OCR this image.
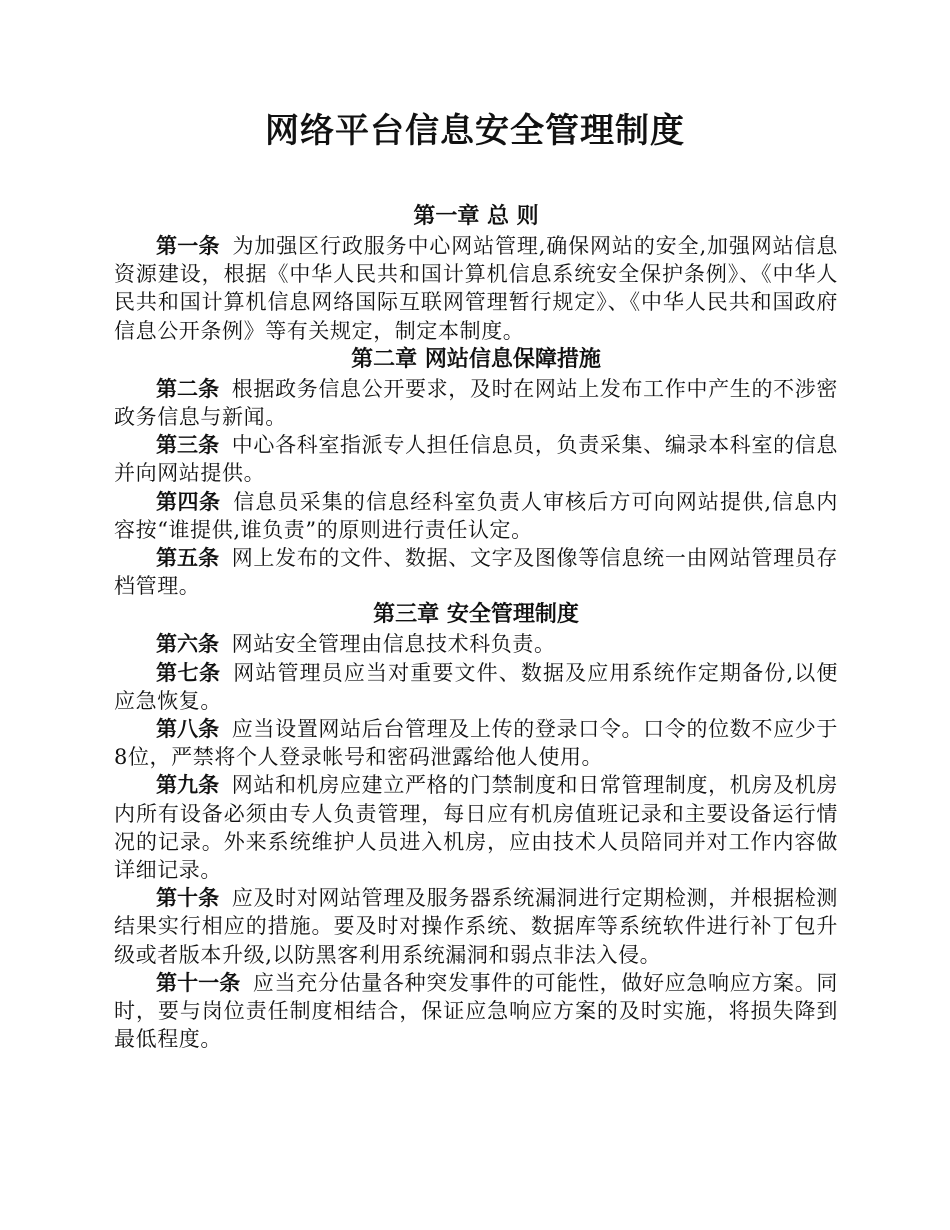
网络平台信息安全管理制度
第一章 总 则

第一条 为加强区行政服务中心网站管理,确保网站的安全,加强网站信息资源建设，根据《中华人民共和国计算机信息系统安全保护条例》、《中华人民共和国计算机信息网络国际互联网管理暂行规定》、《中华人民共和国政府信息公开条例》等有关规定，制定本制度。

第二章 网站信息保障措施

第二条 根据政务信息公开要求，及时在网站上发布工作中产生的不涉密政务信息与新闻。

第三条 中心各科室指派专人担任信息员，负责采集、编录本科室的信息并向网站提供。

第四条 信息员采集的信息经科室负责人审核后方可向网站提供,信息内容按“谁提供,谁负责”的原则进行责任认定。

第五条 网上发布的文件、数据、文字及图像等信息统一由网站管理员存档管理。

第三章 安全管理制度

第六条 网站安全管理由信息技术科负责。

第七条 网站管理员应当对重要文件、数据及应用系统作定期备份,以便应急恢复。

第八条 应当设置网站后台管理及上传的登录口令。口令的位数不应少于8位，严禁将个人登录帐号和密码泄露给他人使用。

第九条 网站和机房应建立严格的门禁制度和日常管理制度，机房及机房内所有设备必须由专人负责管理，每日应有机房值班记录和主要设备运行情况的记录。外来系统维护人员进入机房，应由技术人员陪同并对工作内容做详细记录。

第十条 应及时对网站管理及服务器系统漏洞进行定期检测，并根据检测结果实行相应的措施。要及时对操作系统、数据库等系统软件进行补丁包升级或者版本升级,以防黑客利用系统漏洞和弱点非法入侵。

第十一条 应当充分估量各种突发事件的可能性，做好应急响应方案。同时，要与岗位责任制度相结合，保证应急响应方案的及时实施，将损失降到最低程度。
